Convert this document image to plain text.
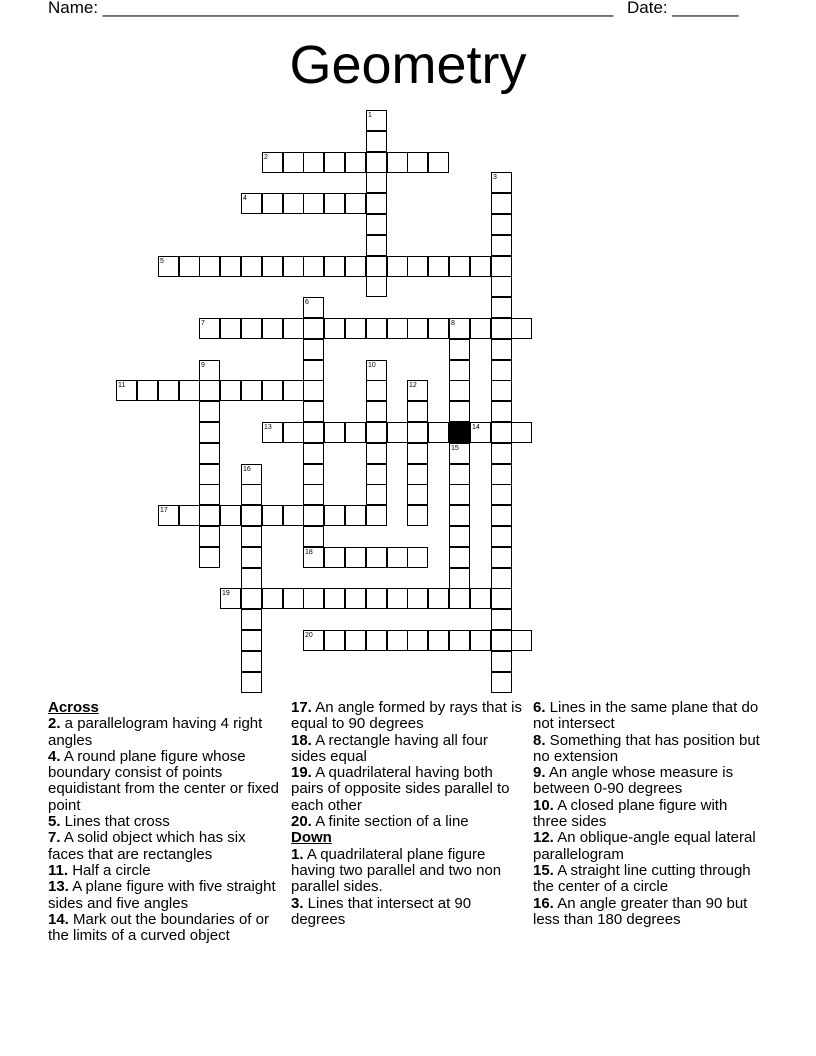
Name: ______________________________________________________ Date: _______
Geometry
1
2
3
4
5
6
7	8
9	10
11	12
13	14
15
16
17
18
19
20
Across
2. a parallelogram having 4 right angles
4. A round plane figure whose boundary consist of points equidistant from the center or fixed point
5. Lines that cross
7. A solid object which has six faces that are rectangles
11. Half a circle
13. A plane figure with five straight sides and five angles
14. Mark out the boundaries of or the limits of a curved object
17. An angle formed by rays that is equal to 90 degrees
18. A rectangle having all four sides equal
19. A quadrilateral having both pairs of opposite sides parallel to each other
20. A finite section of a line
Down
1. A quadrilateral plane figure having two parallel and two non parallel sides.
3. Lines that intersect at 90 degrees
6. Lines in the same plane that do not intersect
8. Something that has position but no extension
9. An angle whose measure is between 0-90 degrees
10. A closed plane figure with three sides
12. An oblique-angle equal lateral parallelogram
15. A straight line cutting through the center of a circle
16. An angle greater than 90 but less than 180 degrees
